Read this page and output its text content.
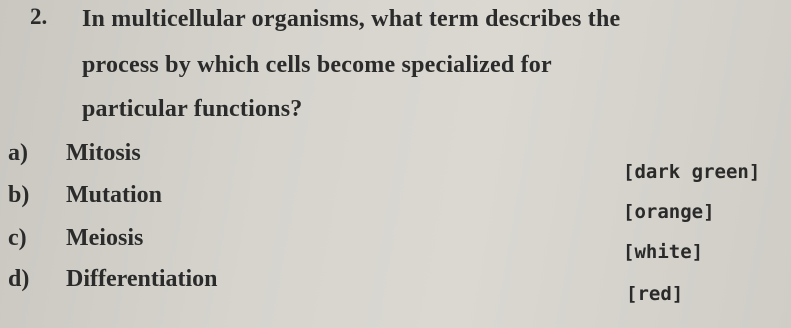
2. In multicellular organisms, what term describes the
process by which cells become specialized for
particular functions?
a) Mitosis
b) Mutation
c) Meiosis
d) Differentiation
[dark green]
[orange]
[white]
[red]
